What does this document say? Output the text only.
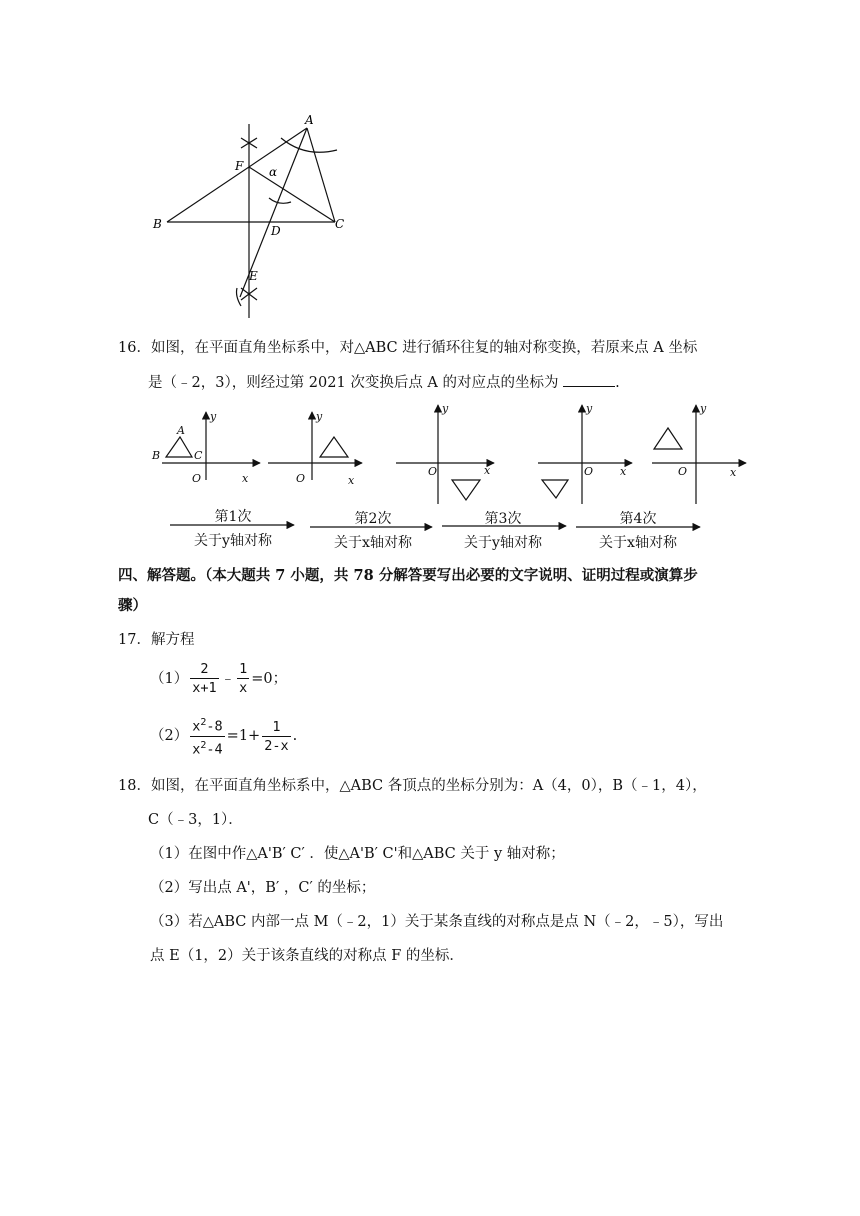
A
F α
B	D	C
E
16．如图，在平面直角坐标系中，对△ABC 进行循环往复的轴对称变换，若原来点 A 坐标
是（﹣2，3），则经过第 2021 次变换后点 A 的对应点的坐标为	.
y
x
O
A
B	C
y
x
O
y
x
O
y
x
O
y
x
O
第1次
关于y轴对称
第2次
关于x轴对称
第3次
关于y轴对称
第4次
关于x轴对称
四、解答题。（本大题共 7 小题，共 78 分解答要写出必要的文字说明、证明过程或演算步
骤）
17．解方程
$(1) \frac{2}{x+1}$ ﹣ $\frac{1}{x} =0$；
$(2) \frac{x^2-8}{x^2-4} =1+ \frac{1}{2-x}$ .
18．如图，在平面直角坐标系中，△ABC 各顶点的坐标分别为：A（4，0），B（﹣1，4），
C（﹣3，1）．
（1）在图中作△A'B′ C′ ．使△A'B′ C'和△ABC 关于 y 轴对称；
（2）写出点 A'，B′ ，C′ 的坐标；
（3）若△ABC 内部一点 M（﹣2，1）关于某条直线的对称点是点 N（﹣2，﹣5），写出
点 E（1，2）关于该条直线的对称点 F 的坐标．
